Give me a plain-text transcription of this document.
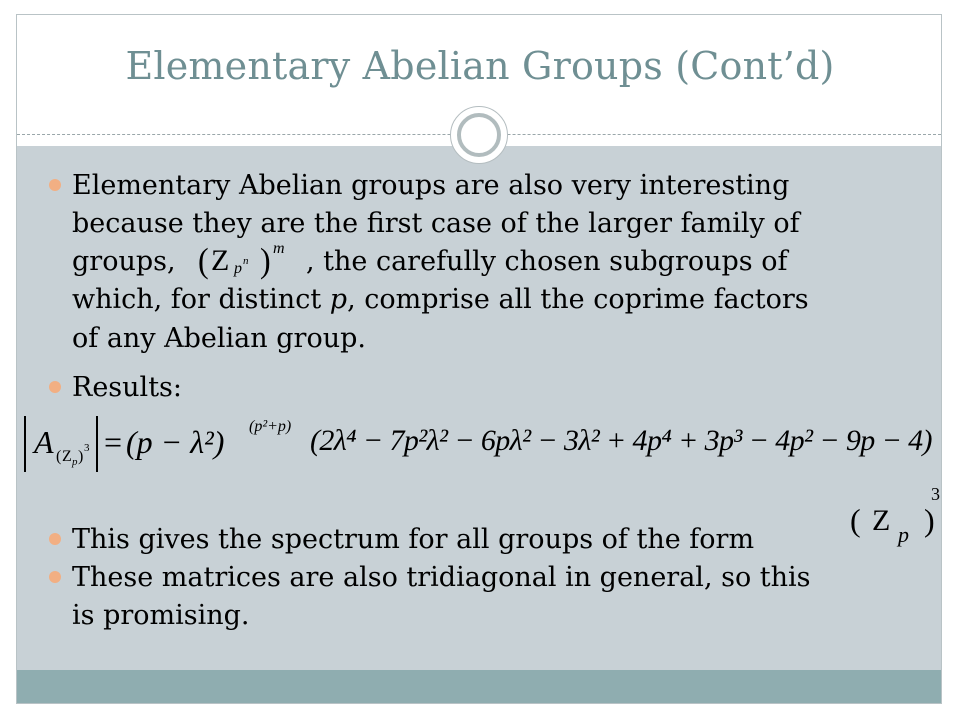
Elementary Abelian Groups (Cont’d)
Elementary Abelian groups are also very interesting
because they are the first case of the larger family of
groups,	, the carefully chosen subgroups of
which, for distinct p, comprise all the coprime factors
of any Abelian group.
( Z p n ) m
Results:
A ( Z p ) 3 = (p − λ²) (p²+p) (2λ⁴ − 7p²λ² − 6pλ² − 3λ² + 4p⁴ + 3p³ − 4p² − 9p − 4)
This gives the spectrum for all groups of the form
( Z p )
3
These matrices are also tridiagonal in general, so this
is promising.
